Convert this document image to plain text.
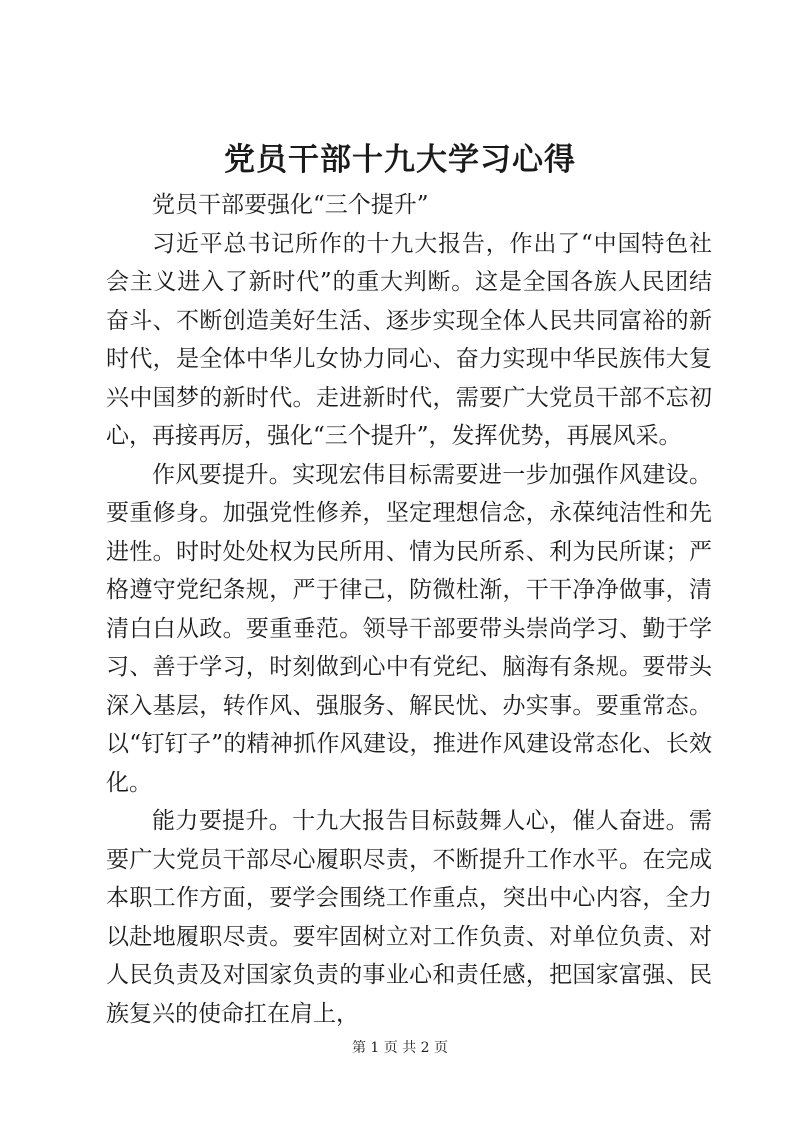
党员干部十九大学习心得

党员干部要强化“三个提升”

习近平总书记所作的十九大报告，作出了“中国特色社会主义进入了新时代”的重大判断。这是全国各族人民团结奋斗、不断创造美好生活、逐步实现全体人民共同富裕的新时代，是全体中华儿女协力同心、奋力实现中华民族伟大复兴中国梦的新时代。走进新时代，需要广大党员干部不忘初心，再接再厉，强化“三个提升”，发挥优势，再展风采。

作风要提升。实现宏伟目标需要进一步加强作风建设。要重修身。加强党性修养，坚定理想信念，永葆纯洁性和先进性。时时处处权为民所用、情为民所系、利为民所谋；严格遵守党纪条规，严于律己，防微杜渐，干干净净做事，清清白白从政。要重垂范。领导干部要带头崇尚学习、勤于学习、善于学习，时刻做到心中有党纪、脑海有条规。要带头深入基层，转作风、强服务、解民忧、办实事。要重常态。以“钉钉子”的精神抓作风建设，推进作风建设常态化、长效化。

能力要提升。十九大报告目标鼓舞人心，催人奋进。需要广大党员干部尽心履职尽责，不断提升工作水平。在完成本职工作方面，要学会围绕工作重点，突出中心内容，全力以赴地履职尽责。要牢固树立对工作负责、对单位负责、对人民负责及对国家负责的事业心和责任感，把国家富强、民族复兴的使命扛在肩上，

第 1 页 共 2 页
